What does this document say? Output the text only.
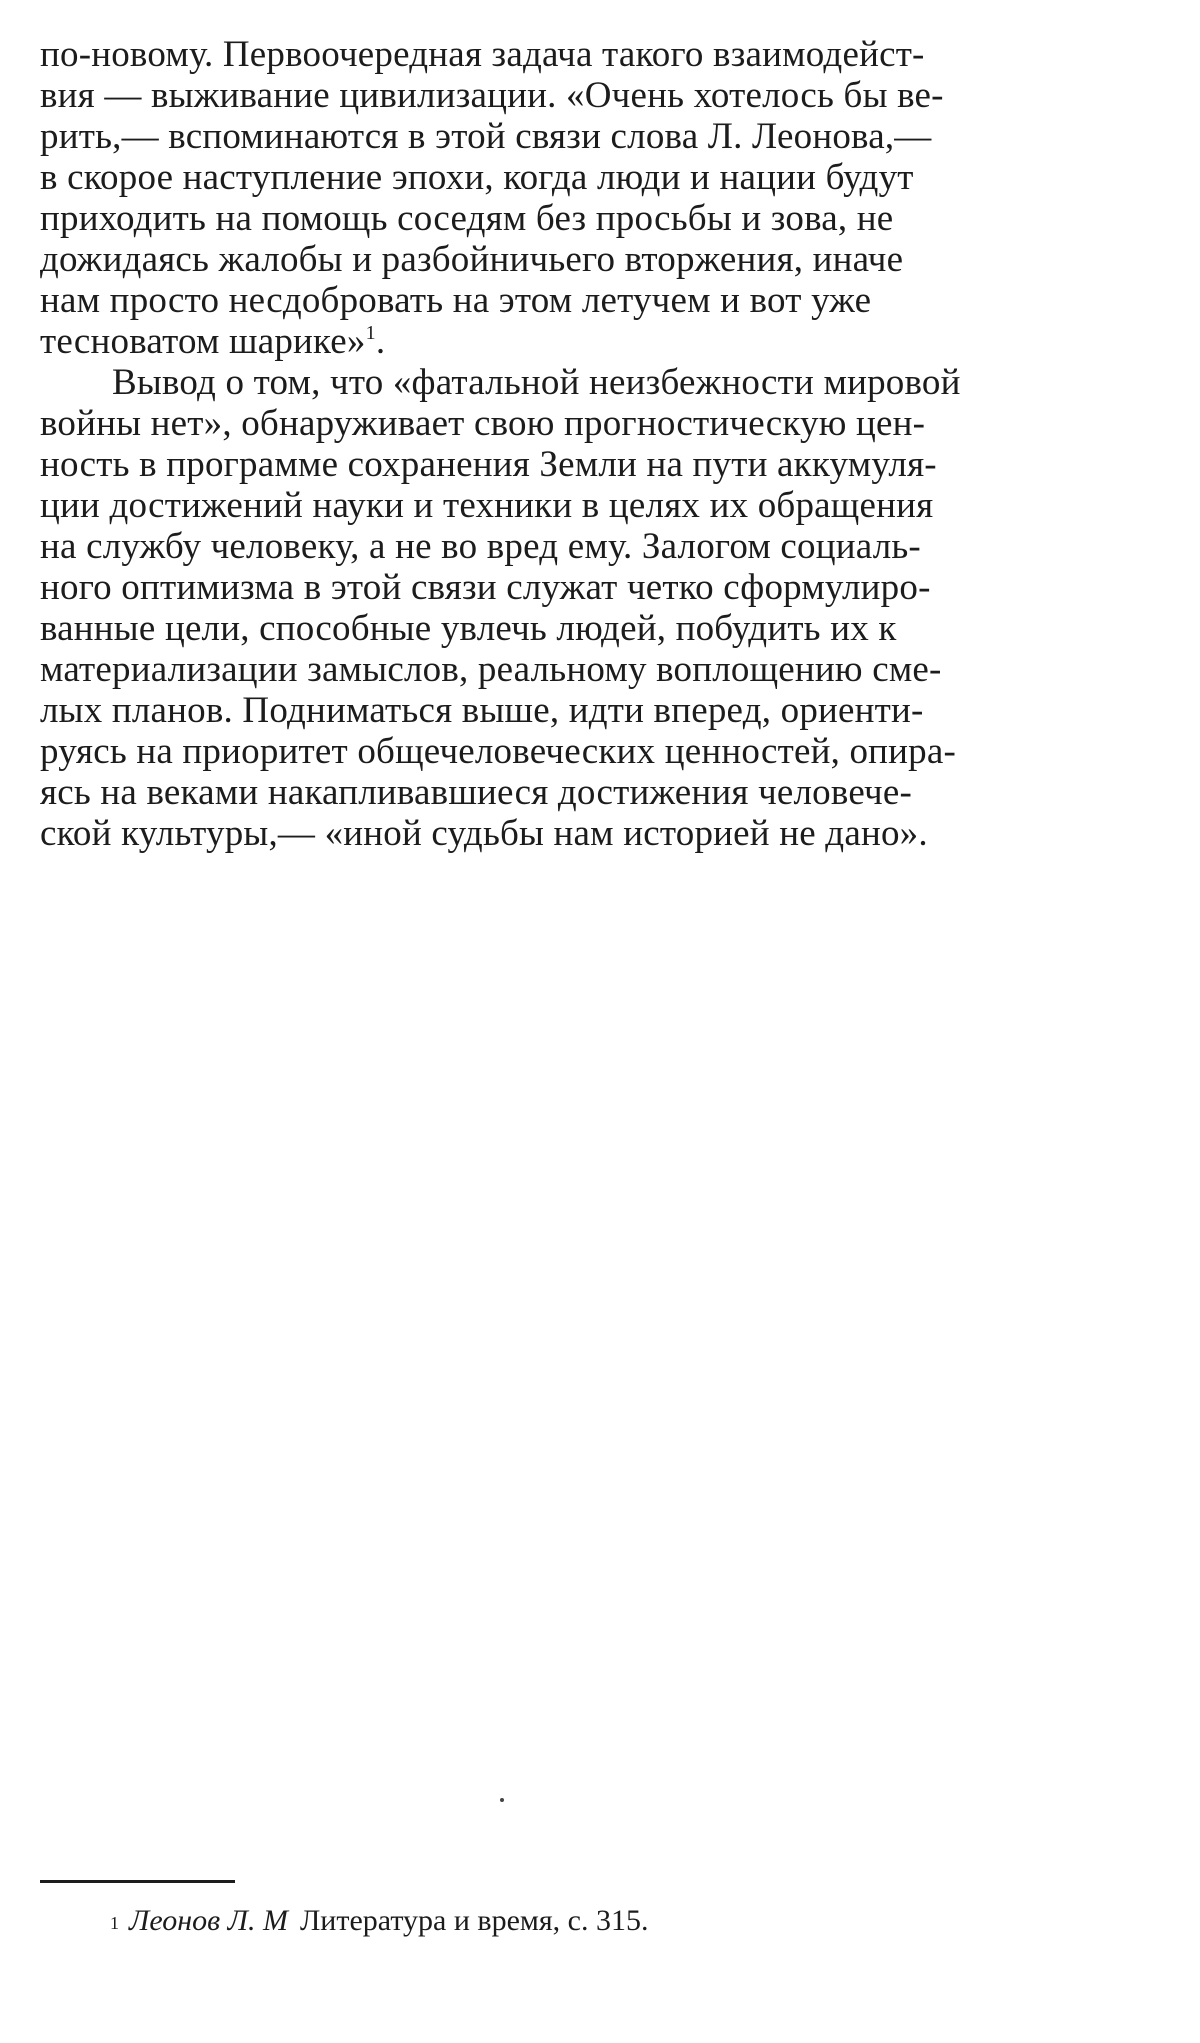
по-новому. Первоочередная задача такого взаимодейст-
вия — выживание цивилизации. «Очень хотелось бы ве-
рить,— вспоминаются в этой связи слова Л. Леонова,—
в скорое наступление эпохи, когда люди и нации будут
приходить на помощь соседям без просьбы и зова, не
дожидаясь жалобы и разбойничьего вторжения, иначе
нам просто несдобровать на этом летучем и вот уже
тесноватом шарике»$^1$.
Вывод о том, что «фатальной неизбежности мировой
войны нет», обнаруживает свою прогностическую цен-
ность в программе сохранения Земли на пути аккумуля-
ции достижений науки и техники в целях их обращения
на службу человеку, а не во вред ему. Залогом социаль-
ного оптимизма в этой связи служат четко сформулиро-
ванные цели, способные увлечь людей, побудить их к
материализации замыслов, реальному воплощению сме-
лых планов. Подниматься выше, идти вперед, ориенти-
руясь на приоритет общечеловеческих ценностей, опира-
ясь на веками накапливавшиеся достижения человече-
ской культуры,— «иной судьбы нам историей не дано».
$^1$ Леонов Л. М Литература и время, с. 315.
